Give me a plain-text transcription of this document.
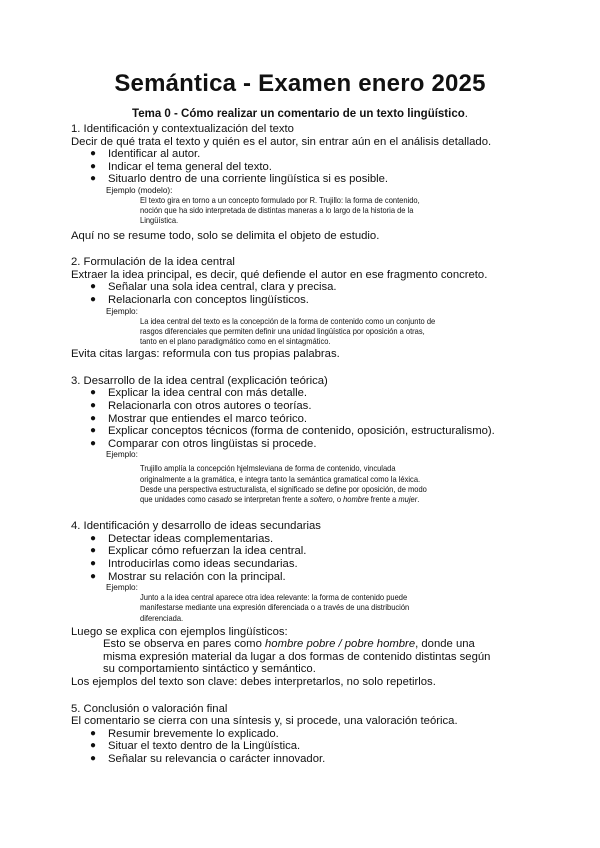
Semántica - Examen enero 2025
Tema 0 - Cómo realizar un comentario de un texto lingüístico.

1. Identificación y contextualización del texto

Decir de qué trata el texto y quién es el autor, sin entrar aún en el análisis detallado.

● Identificar al autor.
● Indicar el tema general del texto.
● Situarlo dentro de una corriente lingüística si es posible.

Ejemplo (modelo):

El texto gira en torno a un concepto formulado por R. Trujillo: la forma de contenido,
noción que ha sido interpretada de distintas maneras a lo largo de la historia de la
Lingüística.

Aquí no se resume todo, solo se delimita el objeto de estudio.

2. Formulación de la idea central

Extraer la idea principal, es decir, qué defiende el autor en ese fragmento concreto.

● Señalar una sola idea central, clara y precisa.
● Relacionarla con conceptos lingüísticos.

Ejemplo:

La idea central del texto es la concepción de la forma de contenido como un conjunto de
rasgos diferenciales que permiten definir una unidad lingüística por oposición a otras,
tanto en el plano paradigmático como en el sintagmático.

Evita citas largas: reformula con tus propias palabras.

3. Desarrollo de la idea central (explicación teórica)

● Explicar la idea central con más detalle.
● Relacionarla con otros autores o teorías.
● Mostrar que entiendes el marco teórico.
● Explicar conceptos técnicos (forma de contenido, oposición, estructuralismo).
● Comparar con otros lingüistas si procede.

Ejemplo:

Trujillo amplía la concepción hjelmsleviana de forma de contenido, vinculada
originalmente a la gramática, e integra tanto la semántica gramatical como la léxica.
Desde una perspectiva estructuralista, el significado se define por oposición, de modo
que unidades como casado se interpretan frente a soltero, o hombre frente a mujer.

4. Identificación y desarrollo de ideas secundarias

● Detectar ideas complementarias.
● Explicar cómo refuerzan la idea central.
● Introducirlas como ideas secundarias.
● Mostrar su relación con la principal.

Ejemplo:

Junto a la idea central aparece otra idea relevante: la forma de contenido puede
manifestarse mediante una expresión diferenciada o a través de una distribución
diferenciada.

Luego se explica con ejemplos lingüísticos:

Esto se observa en pares como hombre pobre / pobre hombre, donde una

misma expresión material da lugar a dos formas de contenido distintas según

su comportamiento sintáctico y semántico.

Los ejemplos del texto son clave: debes interpretarlos, no solo repetirlos.

5. Conclusión o valoración final

El comentario se cierra con una síntesis y, si procede, una valoración teórica.

● Resumir brevemente lo explicado.
● Situar el texto dentro de la Lingüística.
● Señalar su relevancia o carácter innovador.
